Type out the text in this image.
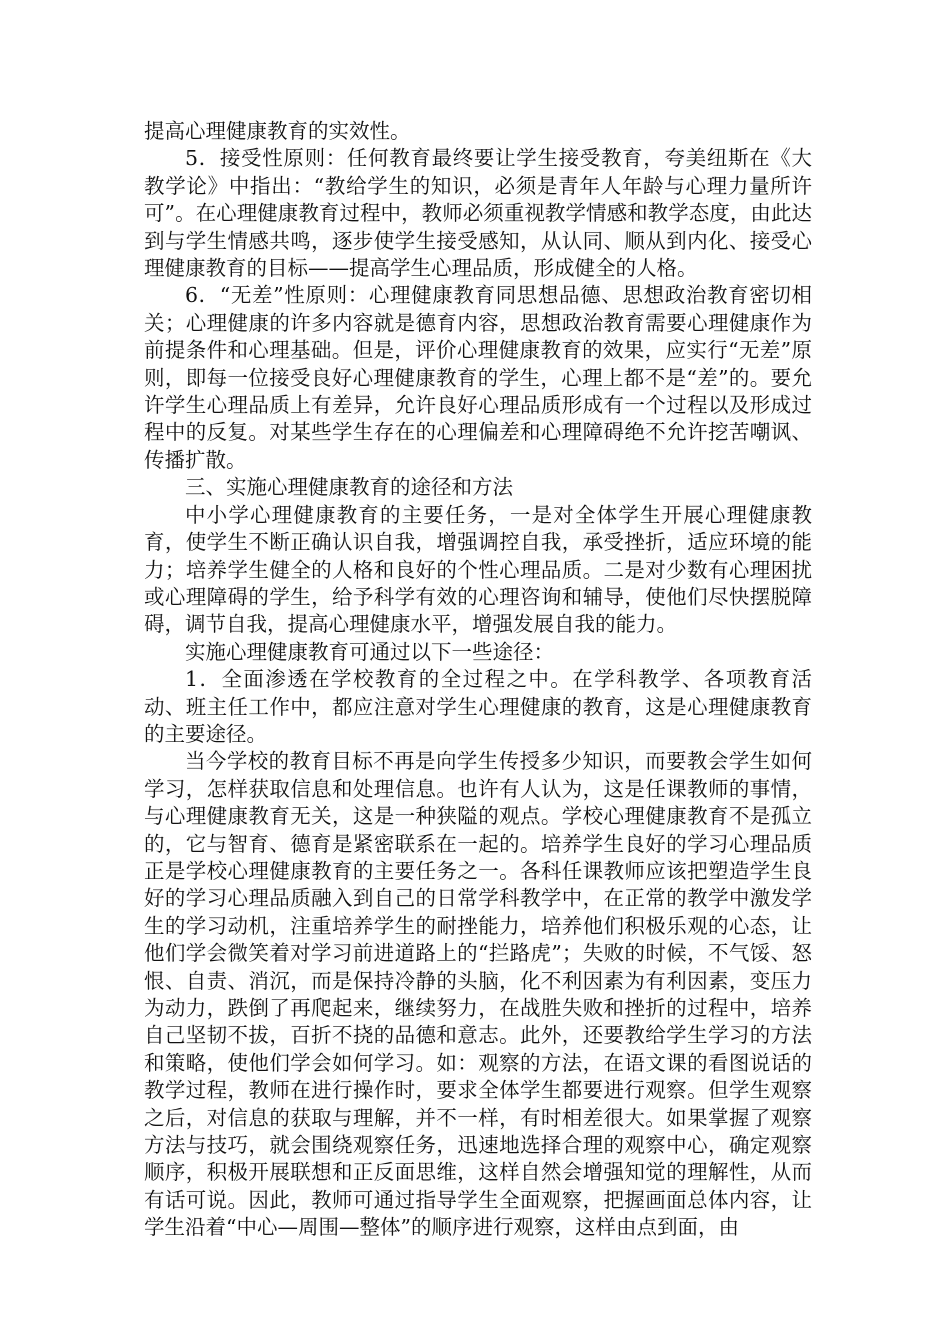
提高心理健康教育的实效性。

5．接受性原则：任何教育最终要让学生接受教育，夸美纽斯在《大教学论》中指出：“教给学生的知识，必须是青年人年龄与心理力量所许可”。在心理健康教育过程中，教师必须重视教学情感和教学态度，由此达到与学生情感共鸣，逐步使学生接受感知，从认同、顺从到内化、接受心理健康教育的目标——提高学生心理品质，形成健全的人格。

6．“无差”性原则：心理健康教育同思想品德、思想政治教育密切相关；心理健康的许多内容就是德育内容，思想政治教育需要心理健康作为前提条件和心理基础。但是，评价心理健康教育的效果，应实行“无差”原则，即每一位接受良好心理健康教育的学生，心理上都不是“差”的。要允许学生心理品质上有差异，允许良好心理品质形成有一个过程以及形成过程中的反复。对某些学生存在的心理偏差和心理障碍绝不允许挖苦嘲讽、传播扩散。

三、实施心理健康教育的途径和方法

中小学心理健康教育的主要任务，一是对全体学生开展心理健康教育，使学生不断正确认识自我，增强调控自我，承受挫折，适应环境的能力；培养学生健全的人格和良好的个性心理品质。二是对少数有心理困扰或心理障碍的学生，给予科学有效的心理咨询和辅导，使他们尽快摆脱障碍，调节自我，提高心理健康水平，增强发展自我的能力。

实施心理健康教育可通过以下一些途径：

1．全面渗透在学校教育的全过程之中。在学科教学、各项教育活动、班主任工作中，都应注意对学生心理健康的教育，这是心理健康教育的主要途径。

当今学校的教育目标不再是向学生传授多少知识，而要教会学生如何学习，怎样获取信息和处理信息。也许有人认为，这是任课教师的事情，与心理健康教育无关，这是一种狭隘的观点。学校心理健康教育不是孤立的，它与智育、德育是紧密联系在一起的。培养学生良好的学习心理品质正是学校心理健康教育的主要任务之一。各科任课教师应该把塑造学生良好的学习心理品质融入到自己的日常学科教学中，在正常的教学中激发学生的学习动机，注重培养学生的耐挫能力，培养他们积极乐观的心态，让他们学会微笑着对学习前进道路上的“拦路虎”；失败的时候，不气馁、怒恨、自责、消沉，而是保持冷静的头脑，化不利因素为有利因素，变压力为动力，跌倒了再爬起来，继续努力，在战胜失败和挫折的过程中，培养自己坚韧不拔，百折不挠的品德和意志。此外，还要教给学生学习的方法和策略，使他们学会如何学习。如：观察的方法，在语文课的看图说话的教学过程，教师在进行操作时，要求全体学生都要进行观察。但学生观察之后，对信息的获取与理解，并不一样，有时相差很大。如果掌握了观察方法与技巧，就会围绕观察任务，迅速地选择合理的观察中心，确定观察顺序，积极开展联想和正反面思维，这样自然会增强知觉的理解性，从而有话可说。因此，教师可通过指导学生全面观察，把握画面总体内容，让学生沿着“中心—周围—整体”的顺序进行观察，这样由点到面，由
